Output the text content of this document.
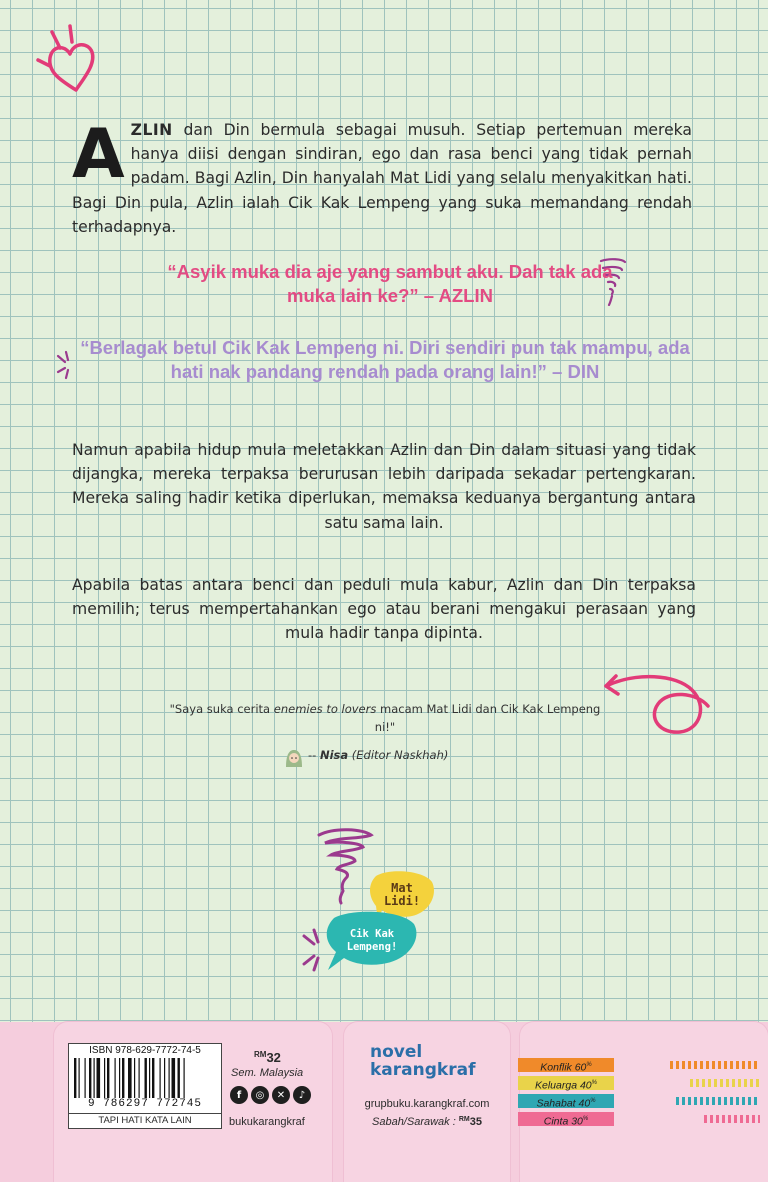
AZLIN dan Din bermula sebagai musuh. Setiap pertemuan mereka hanya diisi dengan sindiran, ego dan rasa benci yang tidak pernah padam. Bagi Azlin, Din hanyalah Mat Lidi yang selalu menyakitkan hati. Bagi Din pula, Azlin ialah Cik Kak Lempeng yang suka memandang rendah terhadapnya.
“Asyik muka dia aje yang sambut aku. Dah tak ada muka lain ke?” – AZLIN
“Berlagak betul Cik Kak Lempeng ni. Diri sendiri pun tak mampu, ada hati nak pandang rendah pada orang lain!” – DIN
Namun apabila hidup mula meletakkan Azlin dan Din dalam situasi yang tidak dijangka, mereka terpaksa berurusan lebih daripada sekadar pertengkaran. Mereka saling hadir ketika diperlukan, memaksa keduanya bergantung antara satu sama lain.
Apabila batas antara benci dan peduli mula kabur, Azlin dan Din terpaksa memilih; terus mempertahankan ego atau berani mengakui perasaan yang mula hadir tanpa dipinta.
"Saya suka cerita enemies to lovers macam Mat Lidi dan Cik Kak Lempeng ni!"
-- Nisa (Editor Naskhah)
Mat Lidi!
Cik Kak Lempeng!
ISBN 978-629-7772-74-5
9 786297 772745
TAPI HATI KATA LAIN
$^{RM}$32
Sem. Malaysia
f	◎	✕	♪
bukukarangkraf
novel
karangkraf
grupbuku.karangkraf.com
Sabah/Sarawak : $^{RM}$35
Konflik 60%
Keluarga 40%
Sahabat 40%
Cinta 30%
